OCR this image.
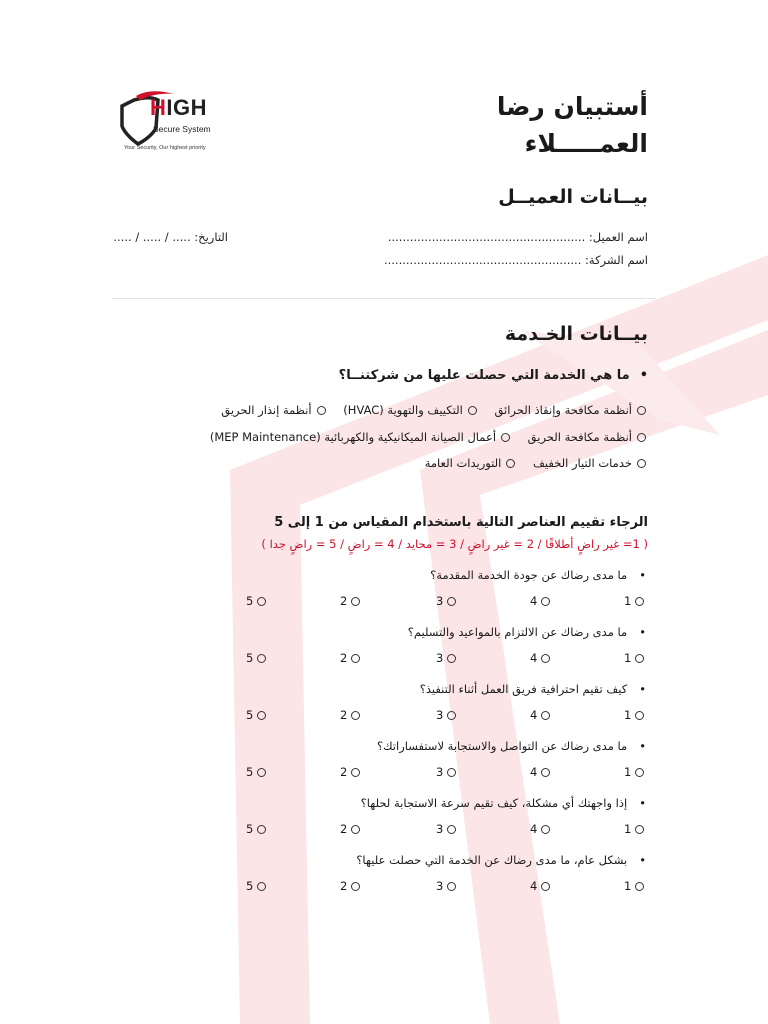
HIGH
Secure System
Your Security, Our highest priority
أستبيان رضا
العمـــــلاء
بيــانات العميــل
اسم العميل: ......................................................
اسم الشركة: ......................................................
التاريخ: ..... / ..... / .....
بيــانات الخـدمة
•ما هي الخدمة التي حصلت عليها من شركتنــا؟
أنظمة مكافحة وإنقاذ الحرائق

التكييف والتهوية (HVAC)

أنظمة إنذار الحريق
أنظمة مكافحة الحريق

أعمال الصيانة الميكانيكية والكهربائية (MEP Maintenance)
خدمات التيار الخفيف

التوريدات العامة
الرجاء تقييم العناصر التالية باستخدام المقياس من 1 إلى 5
( 1= غير راضٍ أطلاقًا / 2 = غير راضٍ / 3 = محايد / 4 = راضٍ / 5 = راضٍ جدا )
•ما مدى رضاك عن جودة الخدمة المقدمة؟
1
4
3
2
5
•ما مدى رضاك عن الالتزام بالمواعيد والتسليم؟
1
4
3
2
5
•كيف تقيم احترافية فريق العمل أثناء التنفيذ؟
1
4
3
2
5
•ما مدى رضاك عن التواصل والاستجابة لاستفساراتك؟
1
4
3
2
5
•إذا واجهتك أي مشكلة، كيف تقيم سرعة الاستجابة لحلها؟
1
4
3
2
5
•بشكل عام، ما مدى رضاك عن الخدمة التي حصلت عليها؟
1
4
3
2
5
